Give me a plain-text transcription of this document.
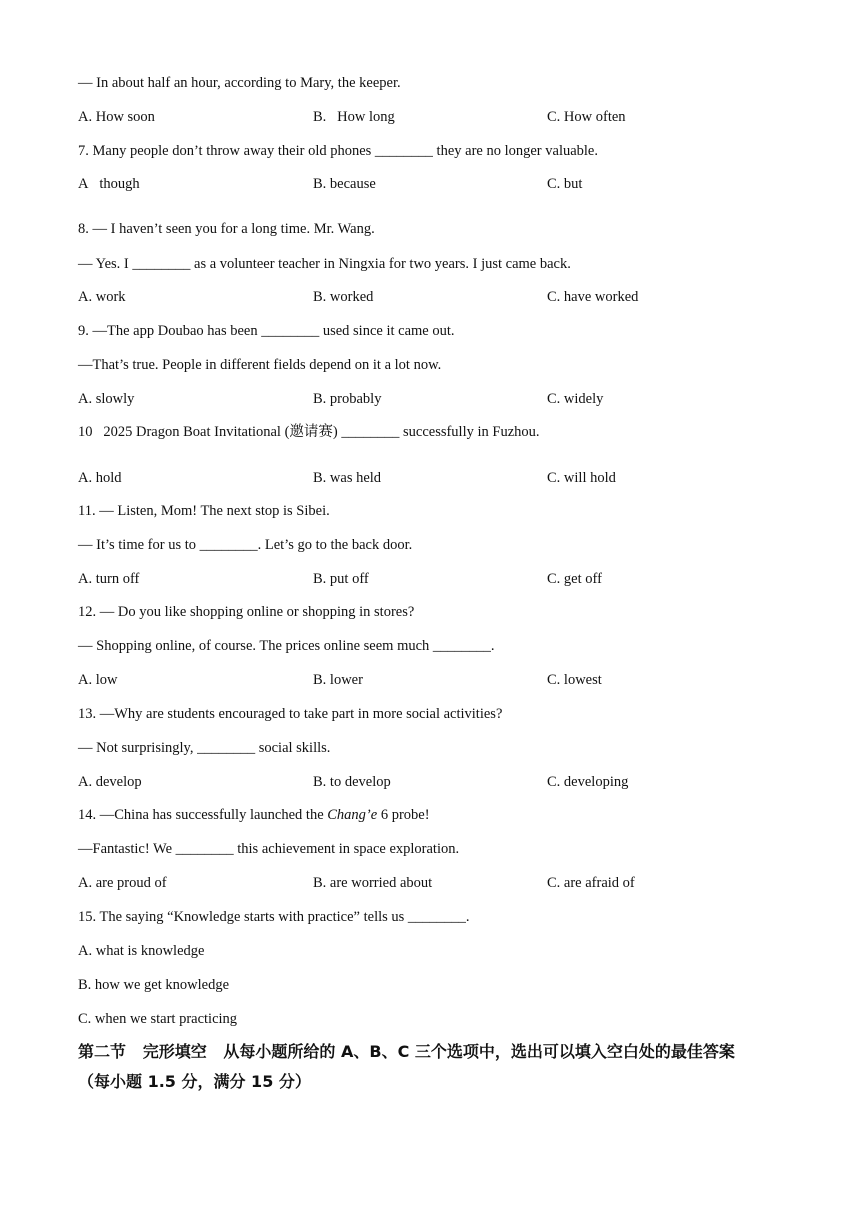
— In about half an hour, according to Mary, the keeper.
A. How soon	B.   How long	C. How often
7. Many people don’t throw away their old phones ________ they are no longer valuable.
A   though	B. because	C. but
8. — I haven’t seen you for a long time. Mr. Wang.
— Yes. I ________ as a volunteer teacher in Ningxia for two years. I just came back.
A. work	B. worked	C. have worked
9. —The app Doubao has been ________ used since it came out.
—That’s true. People in different fields depend on it a lot now.
A. slowly	B. probably	C. widely
10   2025 Dragon Boat Invitational (邀请赛) ________ successfully in Fuzhou.
A. hold	B. was held	C. will hold
11. — Listen, Mom! The next stop is Sibei.
— It’s time for us to ________. Let’s go to the back door.
A. turn off	B. put off	C. get off
12. — Do you like shopping online or shopping in stores?
— Shopping online, of course. The prices online seem much ________.
A. low	B. lower	C. lowest
13. —Why are students encouraged to take part in more social activities?
— Not surprisingly, ________ social skills.
A. develop	B. to develop	C. developing
14. —China has successfully launched the Chang’e 6 probe!
—Fantastic! We ________ this achievement in space exploration.
A. are proud of	B. are worried about	C. are afraid of
15. The saying “Knowledge starts with practice” tells us ________.
A. what is knowledge
B. how we get knowledge
C. when we start practicing
第二节   完形填空   从每小题所给的 A、B、C 三个选项中，选出可以填入空白处的最佳答案
（每小题 1.5 分，满分 15 分）
